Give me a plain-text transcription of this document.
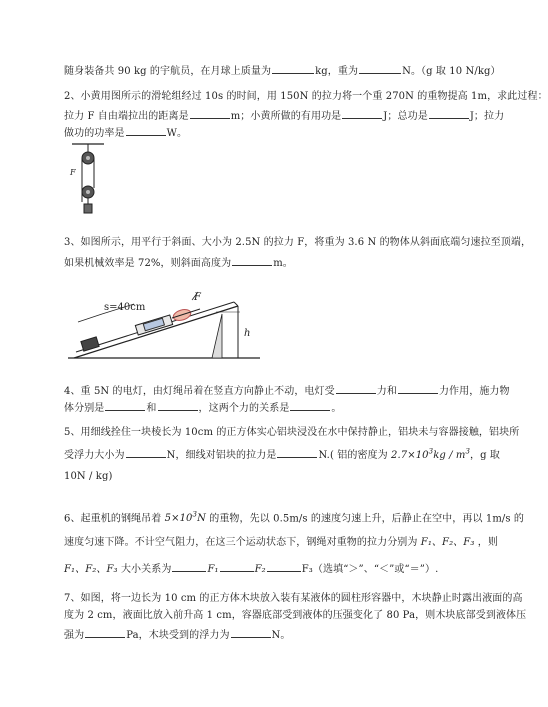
随身装备共 90 kg 的宇航员，在月球上质量为	kg，重为	N。（g 取 10 N/kg）
2、小黄用图所示的滑轮组经过 10s 的时间，用 150N 的拉力将一个重 270N 的重物提高 1m，求此过程：
拉力 F 自由端拉出的距离是	m；小黄所做的有用功是	J；总功是	J；拉力
做功的功率是	W。
F
3、如图所示，用平行于斜面、大小为 2.5N 的拉力 F，将重为 3.6 N 的物体从斜面底端匀速拉至顶端，
如果机械效率是 72%，则斜面高度为	m。
s=40cm
F
h
4、重 5N 的电灯，由灯绳吊着在竖直方向静止不动，电灯受	力和	力作用，施力物
体分别是	和	，这两个力的关系是	。
5、用细线拴住一块棱长为 10cm 的正方体实心铝块浸没在水中保持静止，铝块未与容器接触，铝块所
受浮力大小为	N，细线对铝块的拉力是	N.( 铝的密度为 $2.7\times 10^3kg / m^3$，g 取
10N / kg)
6、起重机的钢绳吊着 $5\times 10^3N$ 的重物，先以 0.5m/s 的速度匀速上升，后静止在空中，再以 1m/s 的
速度匀速下降。不计空气阻力，在这三个运动状态下，钢绳对重物的拉力分别为 F₁、F₂、F₃ ，则
F₁、F₂、F₃ 大小关系为	F₁	F₂	F₃（选填“＞”、“＜”或“＝”）.
7、如图，将一边长为 10 cm 的正方体木块放入装有某液体的圆柱形容器中，木块静止时露出液面的高
度为 2 cm，液面比放入前升高 1 cm，容器底部受到液体的压强变化了 80 Pa，则木块底部受到液体压
强为	Pa，木块受到的浮力为	N。
